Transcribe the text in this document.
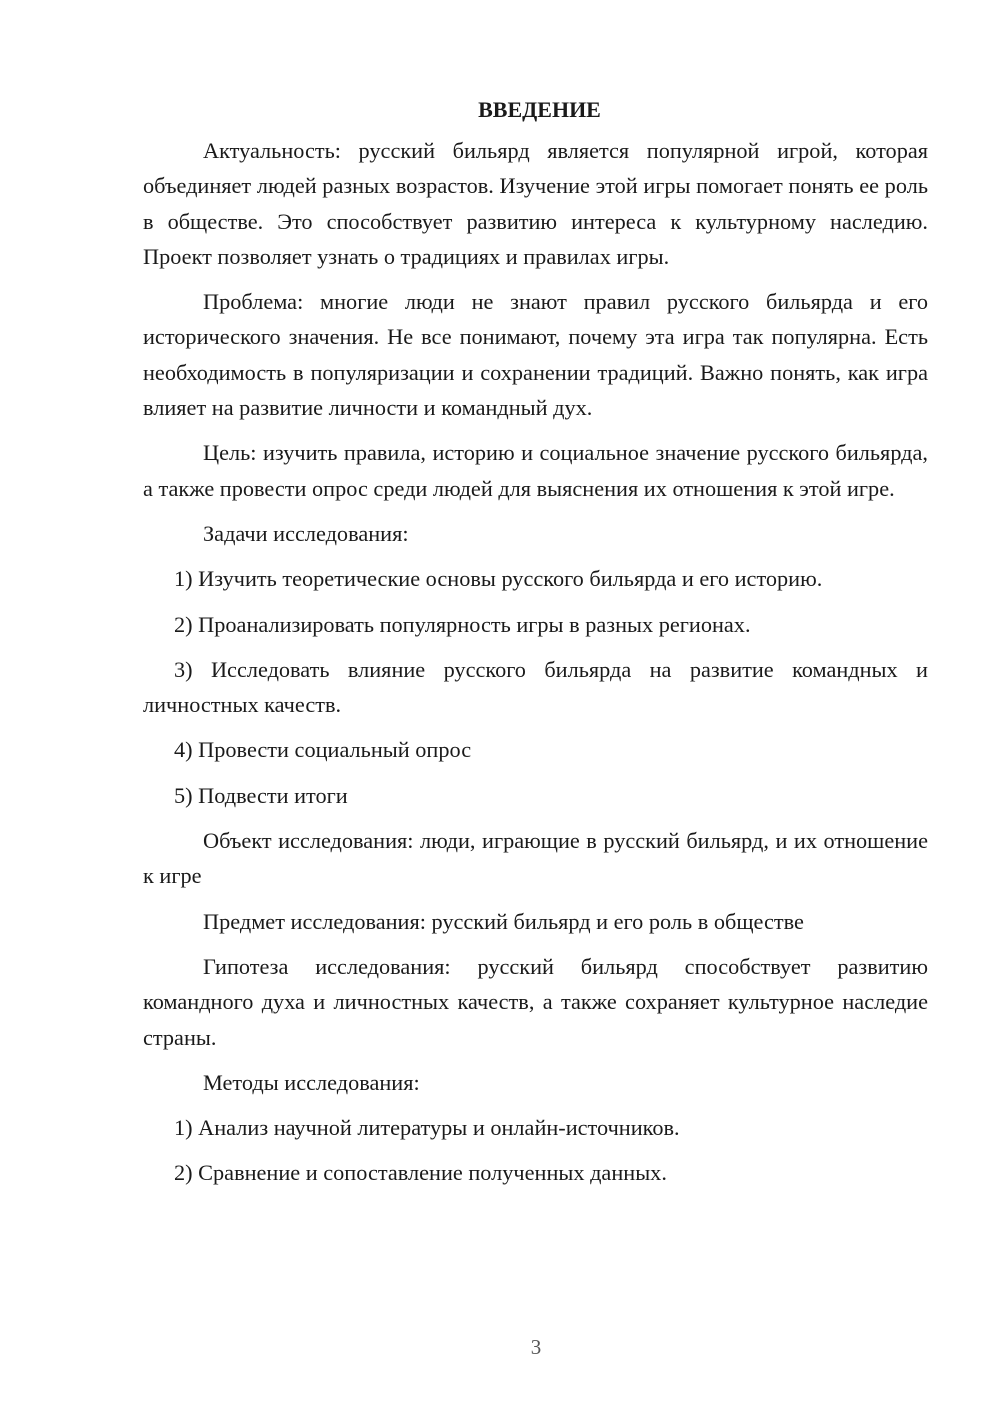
ВВЕДЕНИЕ

Актуальность: русский бильярд является популярной игрой, которая объединяет людей разных возрастов. Изучение этой игры помогает понять ее роль в обществе. Это способствует развитию интереса к культурному наследию. Проект позволяет узнать о традициях и правилах игры.

Проблема: многие люди не знают правил русского бильярда и его исторического значения. Не все понимают, почему эта игра так популярна. Есть необходимость в популяризации и сохранении традиций. Важно понять, как игра влияет на развитие личности и командный дух.

Цель: изучить правила, историю и социальное значение русского бильярда, а также провести опрос среди людей для выяснения их отношения к этой игре.

Задачи исследования:

1) Изучить теоретические основы русского бильярда и его историю.

2) Проанализировать популярность игры в разных регионах.

3) Исследовать влияние русского бильярда на развитие командных и личностных качеств.

4) Провести социальный опрос

5) Подвести итоги

Объект исследования: люди, играющие в русский бильярд, и их отношение к игре

Предмет исследования: русский бильярд и его роль в обществе

Гипотеза исследования: русский бильярд способствует развитию командного духа и личностных качеств, а также сохраняет культурное наследие страны.

Методы исследования:

1) Анализ научной литературы и онлайн-источников.

2) Сравнение и сопоставление полученных данных.

3
